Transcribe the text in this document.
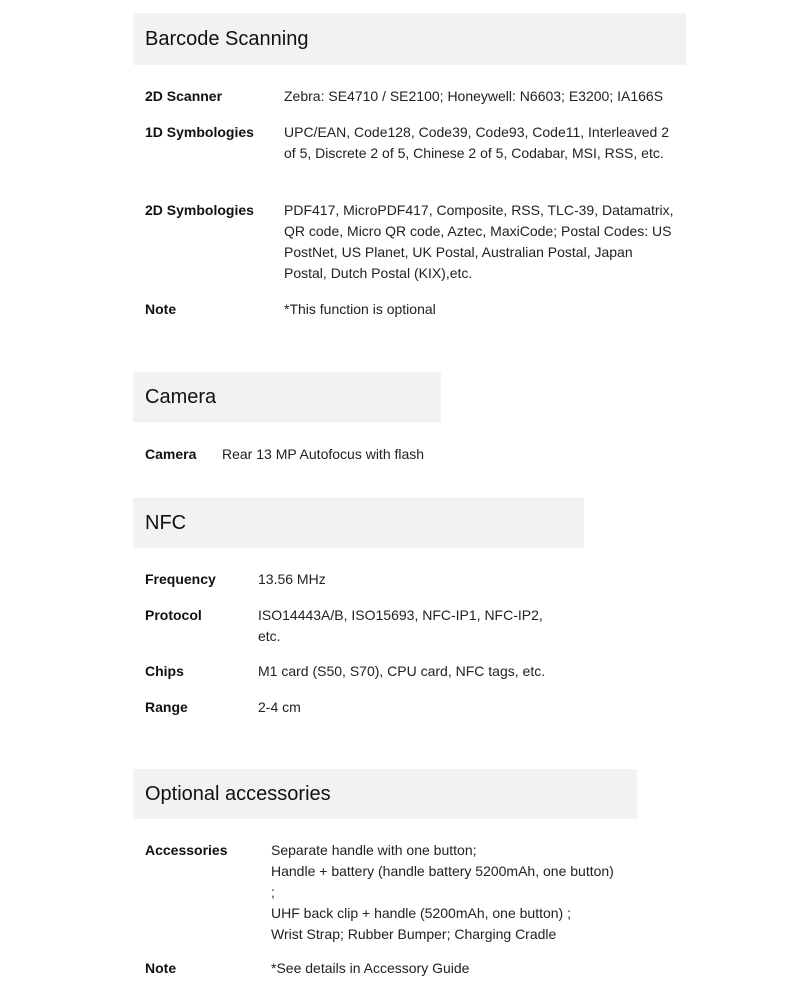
Barcode Scanning
2D Scanner	Zebra: SE4710 / SE2100; Honeywell: N6603; E3200; IA166S
1D Symbologies	UPC/EAN, Code128, Code39, Code93, Code11, Interleaved 2 of 5, Discrete 2 of 5, Chinese 2 of 5, Codabar, MSI, RSS, etc.
2D Symbologies	PDF417, MicroPDF417, Composite, RSS, TLC-39, Datamatrix, QR code, Micro QR code, Aztec, MaxiCode; Postal Codes: US PostNet, US Planet, UK Postal, Australian Postal, Japan Postal, Dutch Postal (KIX),etc.
Note	*This function is optional
Camera
Camera	Rear 13 MP Autofocus with flash
NFC
Frequency	13.56 MHz
Protocol	ISO14443A/B, ISO15693, NFC-IP1, NFC-IP2, etc.
Chips	M1 card (S50, S70), CPU card, NFC tags, etc.
Range	2-4 cm
Optional accessories
Accessories	Separate handle with one button;
Handle + battery (handle battery 5200mAh, one button)
;
UHF back clip + handle (5200mAh, one button) ;
Wrist Strap; Rubber Bumper; Charging Cradle
Note	*See details in Accessory Guide
